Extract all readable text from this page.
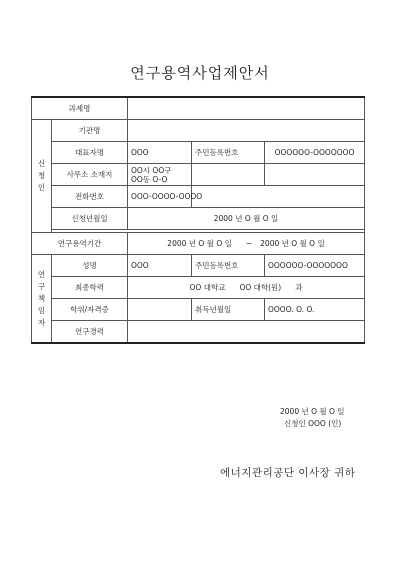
연구용역사업제안서
과제명				
신
청
인	기관명			
	대표자명	OOO	주민등록번호	OOOOOO-OOOOOOO
	사무소 소재지	OO시 OO구
OO동 O-O		
	전화번호	OOO-OOOO-OOOO		
	신청년월일	2000 년 O 월 O 일		

연구용역기간		2000 년 O 월 O 일 ~ 2000 년 O 월 O 일		
연
구
책
임
자	성명	OOO	주민등록번호	OOOOOO-OOOOOOO
	최종학력	OO 대학교 OO 대학(원) 과		
	학위/자격증		취득년월일	OOOO. O. O.
	연구경력			
2000 년 O 월 O 일
신청인 OOO (인)
에너지관리공단 이사장 귀하
